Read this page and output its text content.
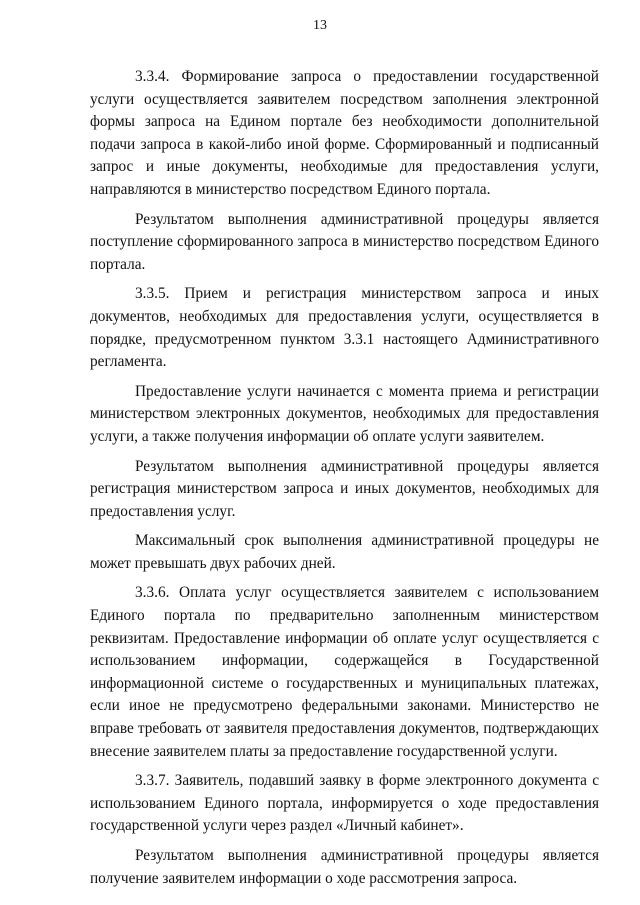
13

3.3.4. Формирование запроса о предоставлении государственной услуги осуществляется заявителем посредством заполнения электронной формы запроса на Едином портале без необходимости дополнительной подачи запроса в какой-либо иной форме. Сформированный и подписанный запрос и иные документы, необходимые для предоставления услуги, направляются в министерство посредством Единого портала.

Результатом выполнения административной процедуры является поступление сформированного запроса в министерство посредством Единого портала.

3.3.5. Прием и регистрация министерством запроса и иных документов, необходимых для предоставления услуги, осуществляется в порядке, предусмотренном пунктом 3.3.1 настоящего Административного регламента.

Предоставление услуги начинается с момента приема и регистрации министерством электронных документов, необходимых для предоставления услуги, а также получения информации об оплате услуги заявителем.

Результатом выполнения административной процедуры является регистрация министерством запроса и иных документов, необходимых для предоставления услуг.

Максимальный срок выполнения административной процедуры не может превышать двух рабочих дней.

3.3.6. Оплата услуг осуществляется заявителем с использованием Единого портала по предварительно заполненным министерством реквизитам. Предоставление информации об оплате услуг осуществляется с использованием информации, содержащейся в Государственной информационной системе о государственных и муниципальных платежах, если иное не предусмотрено федеральными законами. Министерство не вправе требовать от заявителя предоставления документов, подтверждающих внесение заявителем платы за предоставление государственной услуги.

3.3.7. Заявитель, подавший заявку в форме электронного документа с использованием Единого портала, информируется о ходе предоставления государственной услуги через раздел «Личный кабинет».

Результатом выполнения административной процедуры является получение заявителем информации о ходе рассмотрения запроса.
